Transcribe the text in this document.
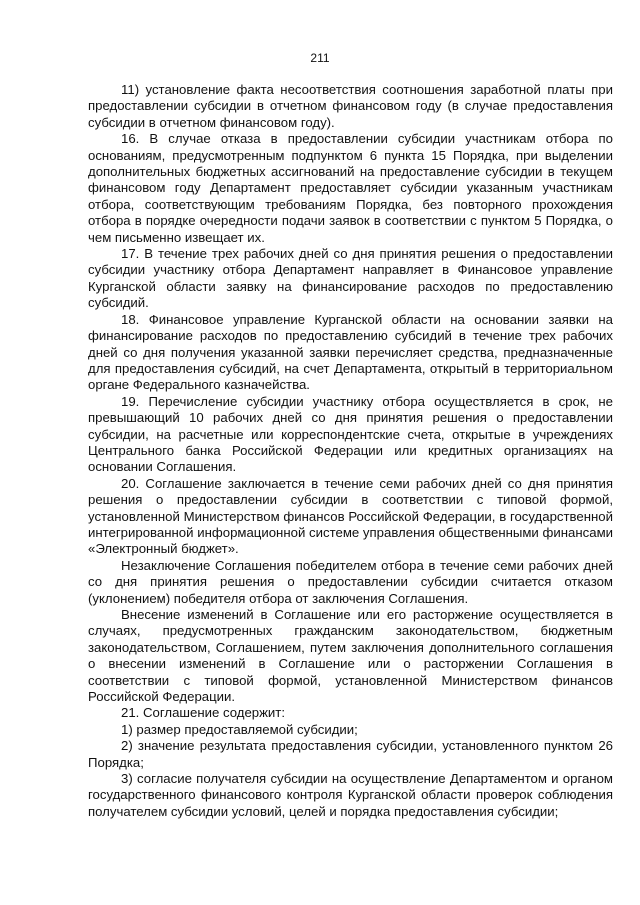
211

11) установление факта несоответствия соотношения заработной платы при предоставлении субсидии в отчетном финансовом году (в случае предоставления субсидии в отчетном финансовом году).

16. В случае отказа в предоставлении субсидии участникам отбора по основаниям, предусмотренным подпунктом 6 пункта 15 Порядка, при выделении дополнительных бюджетных ассигнований на предоставление субсидии в текущем финансовом году Департамент предоставляет субсидии указанным участникам отбора, соответствующим требованиям Порядка, без повторного прохождения отбора в порядке очередности подачи заявок в соответствии с пунктом 5 Порядка, о чем письменно извещает их.

17. В течение трех рабочих дней со дня принятия решения о предоставлении субсидии участнику отбора Департамент направляет в Финансовое управление Курганской области заявку на финансирование расходов по предоставлению субсидий.

18. Финансовое управление Курганской области на основании заявки на финансирование расходов по предоставлению субсидий в течение трех рабочих дней со дня получения указанной заявки перечисляет средства, предназначенные для предоставления субсидий, на счет Департамента, открытый в территориальном органе Федерального казначейства.

19. Перечисление субсидии участнику отбора осуществляется в срок, не превышающий 10 рабочих дней со дня принятия решения о предоставлении субсидии, на расчетные или корреспондентские счета, открытые в учреждениях Центрального банка Российской Федерации или кредитных организациях на основании Соглашения.

20. Соглашение заключается в течение семи рабочих дней со дня принятия решения о предоставлении субсидии в соответствии с типовой формой, установленной Министерством финансов Российской Федерации, в государственной интегрированной информационной системе управления общественными финансами «Электронный бюджет».

Незаключение Соглашения победителем отбора в течение семи рабочих дней со дня принятия решения о предоставлении субсидии считается отказом (уклонением) победителя отбора от заключения Соглашения.

Внесение изменений в Соглашение или его расторжение осуществляется в случаях, предусмотренных гражданским законодательством, бюджетным законодательством, Соглашением, путем заключения дополнительного соглашения о внесении изменений в Соглашение или о расторжении Соглашения в соответствии с типовой формой, установленной Министерством финансов Российской Федерации.

21. Соглашение содержит:

1) размер предоставляемой субсидии;

2) значение результата предоставления субсидии, установленного пунктом 26 Порядка;

3) согласие получателя субсидии на осуществление Департаментом и органом государственного финансового контроля Курганской области проверок соблюдения получателем субсидии условий, целей и порядка предоставления субсидии;
